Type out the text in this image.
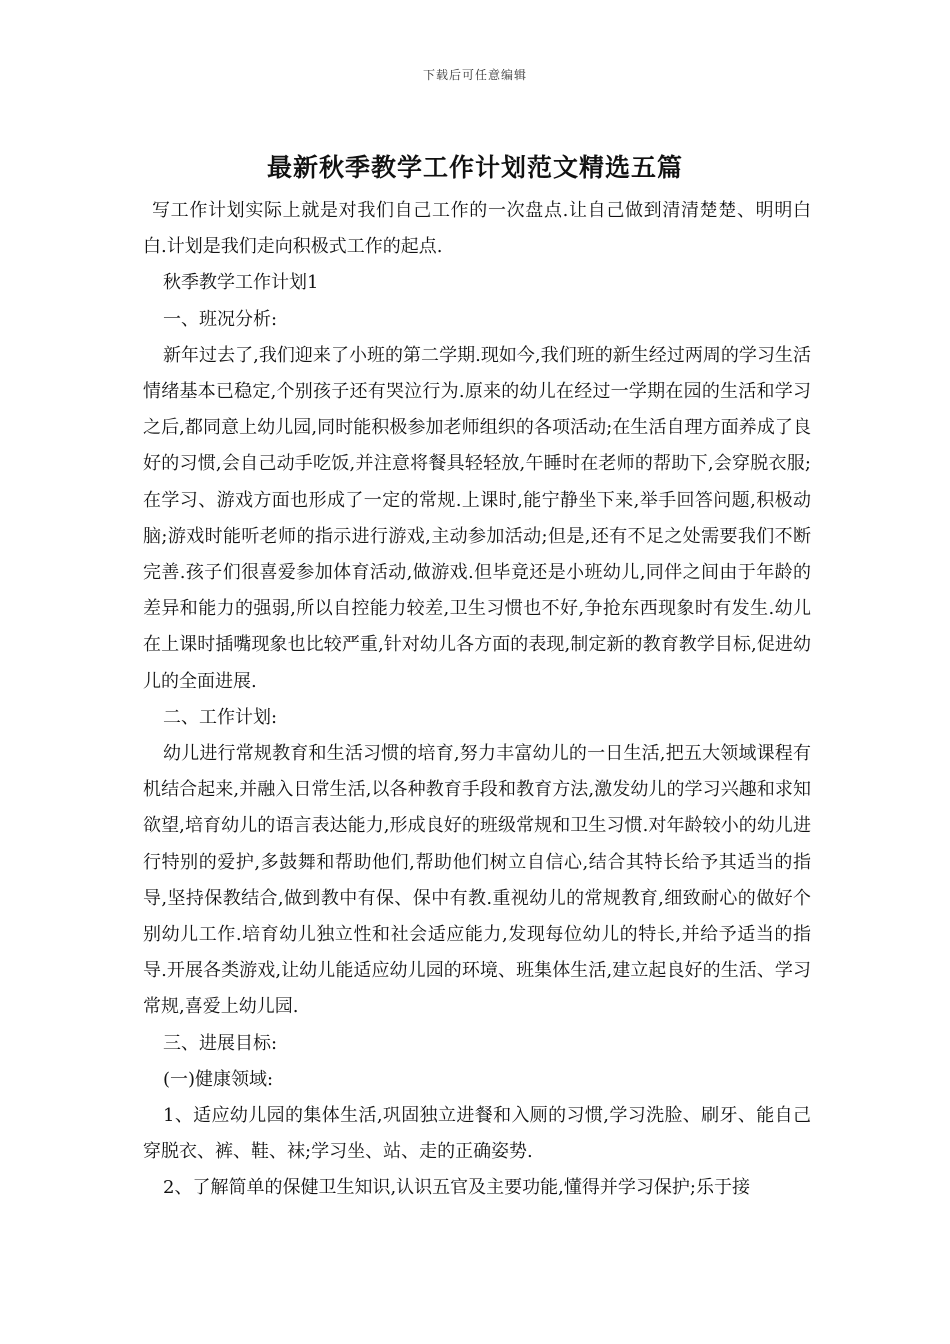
下载后可任意编辑
最新秋季教学工作计划范文精选五篇

写工作计划实际上就是对我们自己工作的一次盘点.让自己做到清清楚楚、明明白白.计划是我们走向积极式工作的起点.

秋季教学工作计划1

一、班况分析:

新年过去了,我们迎来了小班的第二学期.现如今,我们班的新生经过两周的学习生活情绪基本已稳定,个别孩子还有哭泣行为.原来的幼儿在经过一学期在园的生活和学习之后,都同意上幼儿园,同时能积极参加老师组织的各项活动;在生活自理方面养成了良好的习惯,会自己动手吃饭,并注意将餐具轻轻放,午睡时在老师的帮助下,会穿脱衣服;在学习、游戏方面也形成了一定的常规.上课时,能宁静坐下来,举手回答问题,积极动脑;游戏时能听老师的指示进行游戏,主动参加活动;但是,还有不足之处需要我们不断完善.孩子们很喜爱参加体育活动,做游戏.但毕竟还是小班幼儿,同伴之间由于年龄的差异和能力的强弱,所以自控能力较差,卫生习惯也不好,争抢东西现象时有发生.幼儿在上课时插嘴现象也比较严重,针对幼儿各方面的表现,制定新的教育教学目标,促进幼儿的全面进展.

二、工作计划:

幼儿进行常规教育和生活习惯的培育,努力丰富幼儿的一日生活,把五大领域课程有机结合起来,并融入日常生活,以各种教育手段和教育方法,激发幼儿的学习兴趣和求知欲望,培育幼儿的语言表达能力,形成良好的班级常规和卫生习惯.对年龄较小的幼儿进行特别的爱护,多鼓舞和帮助他们,帮助他们树立自信心,结合其特长给予其适当的指导,坚持保教结合,做到教中有保、保中有教.重视幼儿的常规教育,细致耐心的做好个别幼儿工作.培育幼儿独立性和社会适应能力,发现每位幼儿的特长,并给予适当的指导.开展各类游戏,让幼儿能适应幼儿园的环境、班集体生活,建立起良好的生活、学习常规,喜爱上幼儿园.

三、进展目标:

(一)健康领域:

1、适应幼儿园的集体生活,巩固独立进餐和入厕的习惯,学习洗脸、刷牙、能自己穿脱衣、裤、鞋、袜;学习坐、站、走的正确姿势.

2、了解简单的保健卫生知识,认识五官及主要功能,懂得并学习保护;乐于接
